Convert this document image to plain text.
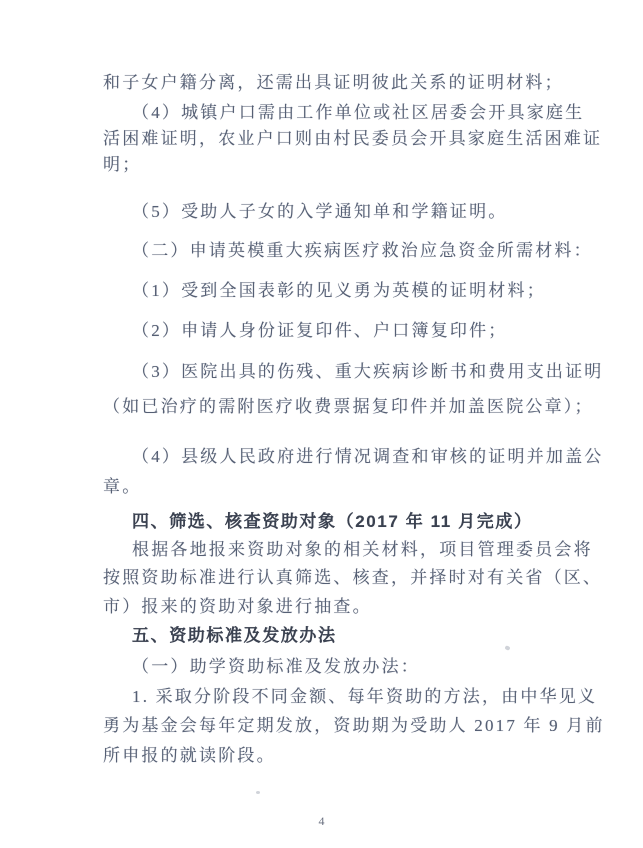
和子女户籍分离，还需出具证明彼此关系的证明材料；
（4）城镇户口需由工作单位或社区居委会开具家庭生
活困难证明，农业户口则由村民委员会开具家庭生活困难证
明；
（5）受助人子女的入学通知单和学籍证明。
（二）申请英模重大疾病医疗救治应急资金所需材料：
（1）受到全国表彰的见义勇为英模的证明材料；
（2）申请人身份证复印件、户口簿复印件；
（3）医院出具的伤残、重大疾病诊断书和费用支出证明
（如已治疗的需附医疗收费票据复印件并加盖医院公章）；
（4）县级人民政府进行情况调查和审核的证明并加盖公
章。
四、筛选、核查资助对象（2017 年 11 月完成）
根据各地报来资助对象的相关材料，项目管理委员会将
按照资助标准进行认真筛选、核查，并择时对有关省（区、
市）报来的资助对象进行抽查。
五、资助标准及发放办法
（一）助学资助标准及发放办法：
1. 采取分阶段不同金额、每年资助的方法，由中华见义
勇为基金会每年定期发放，资助期为受助人 2017 年 9 月前
所申报的就读阶段。
4
